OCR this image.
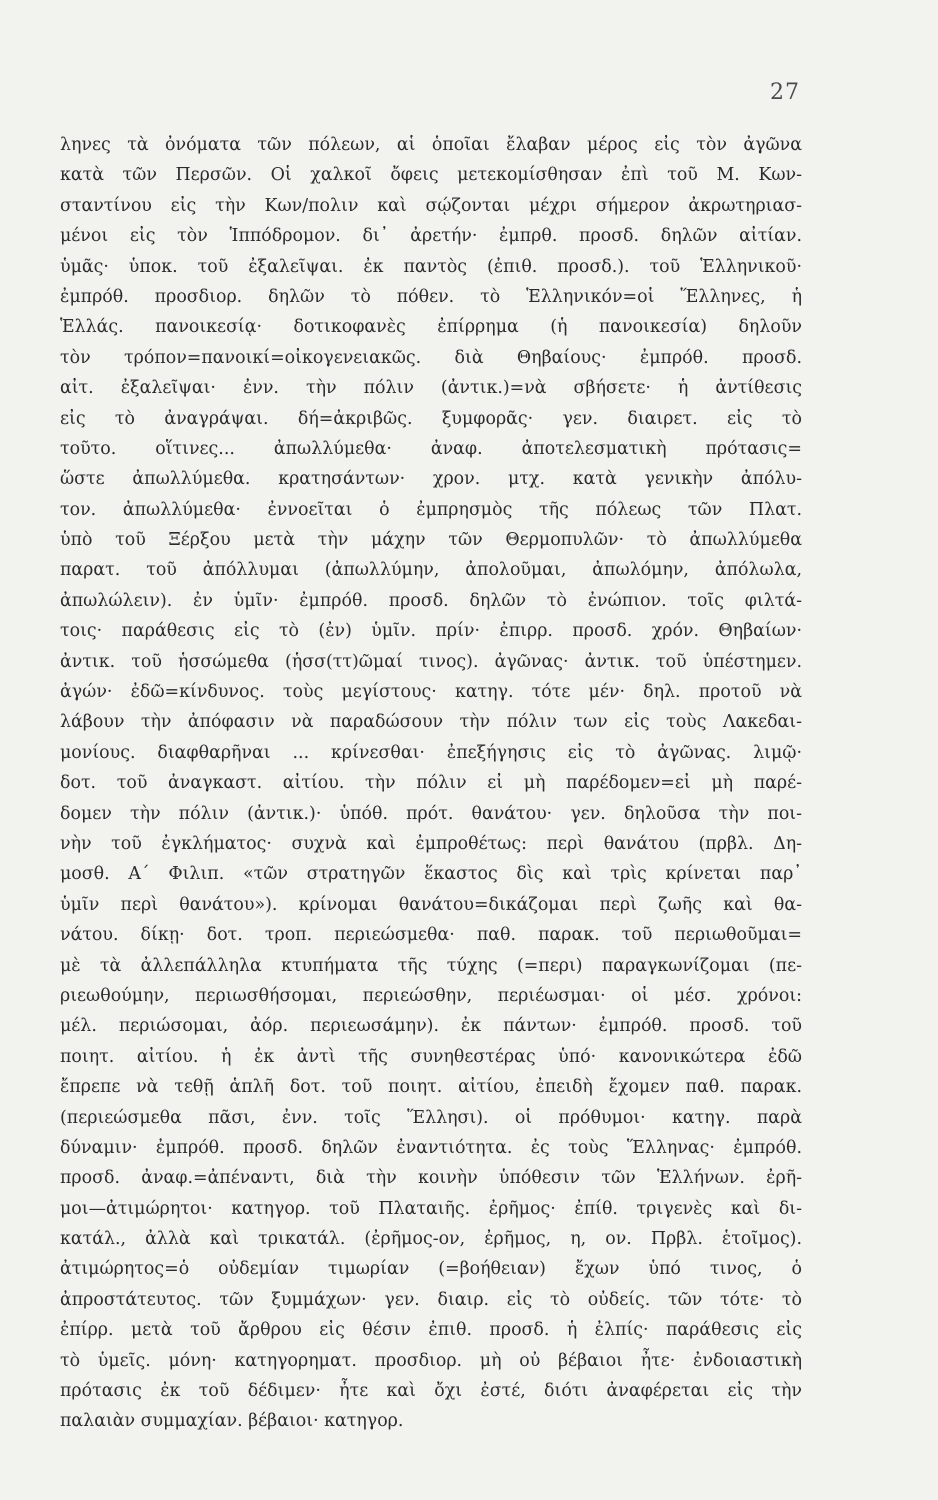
27
ληνες τὰ ὀνόματα τῶν πόλεων, αἱ ὁποῖαι ἔλαβαν μέρος εἰς τὸν ἀγῶνα
κατὰ τῶν Περσῶν. Οἱ χαλκοῖ ὄφεις μετεκομίσθησαν ἐπὶ τοῦ Μ. Κων-
σταντίνου εἰς τὴν Κων/πολιν καὶ σῴζονται μέχρι σήμερον ἀκρωτηριασ-
μένοι εἰς τὸν Ἱππόδρομον. δι᾿ ἀρετήν· ἐμπρθ. προσδ. δηλῶν αἰτίαν.
ὑμᾶς· ὑποκ. τοῦ ἐξαλεῖψαι. ἐκ παντὸς (ἐπιθ. προσδ.). τοῦ Ἑλληνικοῦ·
ἐμπρόθ. προσδιορ. δηλῶν τὸ πόθεν. τὸ Ἑλληνικόν=οἱ Ἕλληνες, ἡ
Ἑλλάς. πανοικεσίᾳ· δοτικοφανὲς ἐπίρρημα (ἡ πανοικεσία) δηλοῦν
τὸν τρόπον=πανοικί=οἰκογενειακῶς. διὰ Θηβαίους· ἐμπρόθ. προσδ.
αἰτ. ἐξαλεῖψαι· ἐνν. τὴν πόλιν (ἀντικ.)=νὰ σβήσετε· ἡ ἀντίθεσις
εἰς τὸ ἀναγράψαι. δή=ἀκριβῶς. ξυμφορᾶς· γεν. διαιρετ. εἰς τὸ
τοῦτο. οἵτινες... ἀπωλλύμεθα· ἀναφ. ἀποτελεσματικὴ πρότασις=
ὥστε ἀπωλλύμεθα. κρατησάντων· χρον. μτχ. κατὰ γενικὴν ἀπόλυ-
τον. ἀπωλλύμεθα· ἐννοεῖται ὁ ἐμπρησμὸς τῆς πόλεως τῶν Πλατ.
ὑπὸ τοῦ Ξέρξου μετὰ τὴν μάχην τῶν Θερμοπυλῶν· τὸ ἀπωλλύμεθα
παρατ. τοῦ ἀπόλλυμαι (ἀπωλλύμην, ἀπολοῦμαι, ἀπωλόμην, ἀπόλωλα,
ἀπωλώλειν). ἐν ὑμῖν· ἐμπρόθ. προσδ. δηλῶν τὸ ἐνώπιον. τοῖς φιλτά-
τοις· παράθεσις εἰς τὸ (ἐν) ὑμῖν. πρίν· ἐπιρρ. προσδ. χρόν. Θηβαίων·
ἀντικ. τοῦ ἡσσώμεθα (ἡσσ(ττ)ῶμαί τινος). ἀγῶνας· ἀντικ. τοῦ ὑπέστημεν.
ἀγών· ἐδῶ=κίνδυνος. τοὺς μεγίστους· κατηγ. τότε μέν· δηλ. προτοῦ νὰ
λάβουν τὴν ἀπόφασιν νὰ παραδώσουν τὴν πόλιν των εἰς τοὺς Λακεδαι-
μονίους. διαφθαρῆναι ... κρίνεσθαι· ἐπεξήγησις εἰς τὸ ἀγῶνας. λιμῷ·
δοτ. τοῦ ἀναγκαστ. αἰτίου. τὴν πόλιν εἰ μὴ παρέδομεν=εἰ μὴ παρέ-
δομεν τὴν πόλιν (ἀντικ.)· ὑπόθ. πρότ. θανάτου· γεν. δηλοῦσα τὴν ποι-
νὴν τοῦ ἐγκλήματος· συχνὰ καὶ ἐμπροθέτως: περὶ θανάτου (πρβλ. Δη-
μοσθ. Α´ Φιλιπ. «τῶν στρατηγῶν ἕκαστος δὶς καὶ τρὶς κρίνεται παρ᾿
ὑμῖν περὶ θανάτου»). κρίνομαι θανάτου=δικάζομαι περὶ ζωῆς καὶ θα-
νάτου. δίκῃ· δοτ. τροπ. περιεώσμεθα· παθ. παρακ. τοῦ περιωθοῦμαι=
μὲ τὰ ἀλλεπάλληλα κτυπήματα τῆς τύχης (=περι) παραγκωνίζομαι (πε-
ριεωθούμην, περιωσθήσομαι, περιεώσθην, περιέωσμαι· οἱ μέσ. χρόνοι:
μέλ. περιώσομαι, ἀόρ. περιεωσάμην). ἐκ πάντων· ἐμπρόθ. προσδ. τοῦ
ποιητ. αἰτίου. ἡ ἐκ ἀντὶ τῆς συνηθεστέρας ὑπό· κανονικώτερα ἐδῶ
ἔπρεπε νὰ τεθῇ ἁπλῆ δοτ. τοῦ ποιητ. αἰτίου, ἐπειδὴ ἔχομεν παθ. παρακ.
(περιεώσμεθα πᾶσι, ἐνν. τοῖς Ἕλλησι). οἱ πρόθυμοι· κατηγ. παρὰ
δύναμιν· ἐμπρόθ. προσδ. δηλῶν ἐναντιότητα. ἐς τοὺς Ἕλληνας· ἐμπρόθ.
προσδ. ἀναφ.=ἀπέναντι, διὰ τὴν κοινὴν ὑπόθεσιν τῶν Ἑλλήνων. ἐρῆ-
μοι—ἀτιμώρητοι· κατηγορ. τοῦ Πλαταιῆς. ἐρῆμος· ἐπίθ. τριγενὲς καὶ δι-
κατάλ., ἀλλὰ καὶ τρικατάλ. (ἐρῆμος-ον, ἐρῆμος, η, ον. Πρβλ. ἑτοῖμος).
ἀτιμώρητος=ὁ οὐδεμίαν τιμωρίαν (=βοήθειαν) ἔχων ὑπό τινος, ὁ
ἀπροστάτευτος. τῶν ξυμμάχων· γεν. διαιρ. εἰς τὸ οὐδείς. τῶν τότε· τὸ
ἐπίρρ. μετὰ τοῦ ἄρθρου εἰς θέσιν ἐπιθ. προσδ. ἡ ἐλπίς· παράθεσις εἰς
τὸ ὑμεῖς. μόνη· κατηγορηματ. προσδιορ. μὴ οὐ βέβαιοι ἦτε· ἐνδοιαστικὴ
πρότασις ἐκ τοῦ δέδιμεν· ἦτε καὶ ὄχι ἐστέ, διότι ἀναφέρεται εἰς τὴν
παλαιὰν συμμαχίαν. βέβαιοι· κατηγορ.
